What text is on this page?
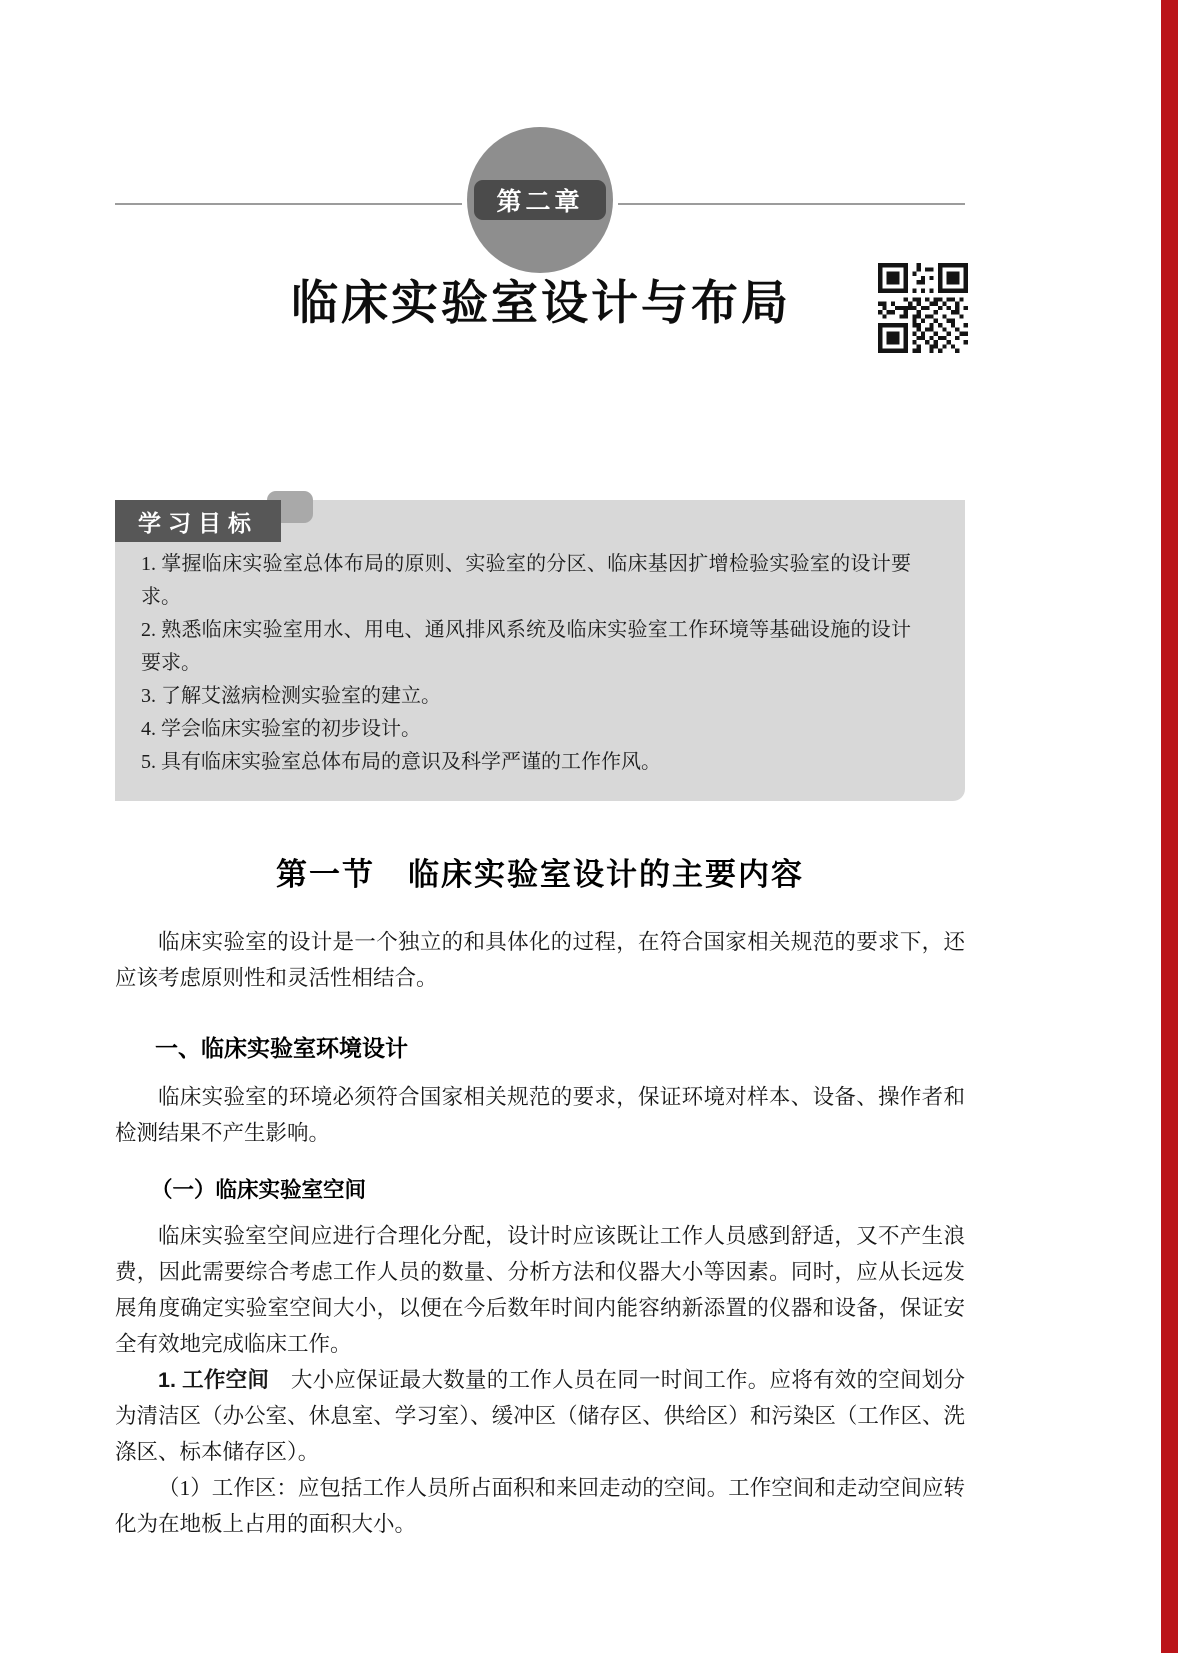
第二章
临床实验室设计与布局
学习目标
1. 掌握临床实验室总体布局的原则、实验室的分区、临床基因扩增检验实验室的设计要求。
2. 熟悉临床实验室用水、用电、通风排风系统及临床实验室工作环境等基础设施的设计要求。
3. 了解艾滋病检测实验室的建立。
4. 学会临床实验室的初步设计。
5. 具有临床实验室总体布局的意识及科学严谨的工作作风。
第一节　临床实验室设计的主要内容

临床实验室的设计是一个独立的和具体化的过程，在符合国家相关规范的要求下，还应该考虑原则性和灵活性相结合。

一、临床实验室环境设计

临床实验室的环境必须符合国家相关规范的要求，保证环境对样本、设备、操作者和检测结果不产生影响。

（一）临床实验室空间

临床实验室空间应进行合理化分配，设计时应该既让工作人员感到舒适，又不产生浪费，因此需要综合考虑工作人员的数量、分析方法和仪器大小等因素。同时，应从长远发展角度确定实验室空间大小，以便在今后数年时间内能容纳新添置的仪器和设备，保证安全有效地完成临床工作。

1. 工作空间　大小应保证最大数量的工作人员在同一时间工作。应将有效的空间划分为清洁区（办公室、休息室、学习室）、缓冲区（储存区、供给区）和污染区（工作区、洗涤区、标本储存区）。

（1）工作区：应包括工作人员所占面积和来回走动的空间。工作空间和走动空间应转化为在地板上占用的面积大小。
